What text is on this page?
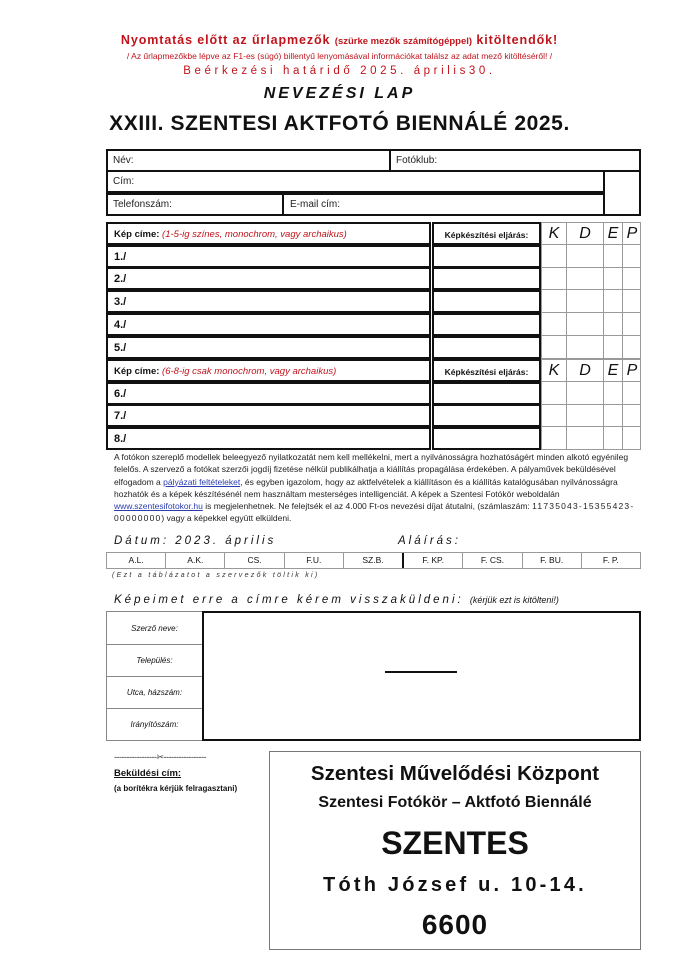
Nyomtatás előtt az űrlapmezők (szürke mezők számítógéppel) kitöltendők!
/ Az űrlapmezőkbe lépve az F1-es (súgó) billentyű lenyomásával információkat találsz az adat mező kitöltéséről! /
Beérkezési határidő 2025. április30.
NEVEZÉSI LAP
XXIII. SZENTESI AKTFOTÓ BIENNÁLÉ 2025.
Név:	Fotóklub:
Cím:
Telefonszám:	E-mail cím:
Kép címe: (1-5-ig színes, monochrom, vagy archaikus)	Képkészítési eljárás:	K	D	E P
1./
2./
3./
4./
5./
Kép címe: (6-8-ig csak monochrom, vagy archaikus)	Képkészítési eljárás:	K	D	E P
6./
7./
8./
A fotókon szereplő modellek beleegyező nyilatkozatát nem kell mellékelni, mert a nyilvánosságra hozhatóságért minden alkotó egyénileg felelős. A szervező a fotókat szerzői jogdíj fizetése nélkül publikálhatja a kiállítás propagálása érdekében. A pályaművek beküldésével elfogadom a pályázati feltételeket, és egyben igazolom, hogy az aktfelvételek a kiállításon és a kiállítás katalógusában nyilvánosságra hozhatók és a képek készítésénél nem használtam mesterséges intelligenciát. A képek a Szentesi Fotókör weboldalán www.szentesifotokor.hu is megjelenhetnek. Ne felejtsék el az 4.000 Ft-os nevezési díjat átutalni, (számlaszám: 11735043-15355423-00000000) vagy a képekkel együtt elküldeni.
Dátum: 2023. április	Aláírás:
A.L.	A.K.	CS.	F.U.	SZ.B.	F. KP.	F. CS.	F. BU.	F. P.
(Ezt a táblázatot a szervezők töltik ki)
Képeimet erre a címre kérem visszaküldeni: (kérjük ezt is kitölteni!)
Szerző neve:
Település:
Utca, házszám:
Irányítószám:
-----------------✂-----------------
Beküldési cím:
(a borítékra kérjük felragasztani)
Szentesi Művelődési Központ
Szentesi Fotókör – Aktfotó Biennálé
SZENTES
Tóth József u. 10-14.
6600
